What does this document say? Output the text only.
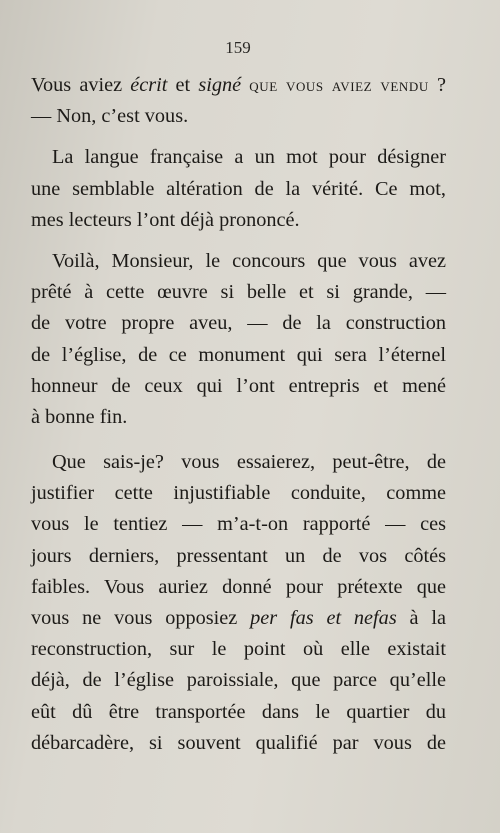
159
Vous aviez écrit et signé que vous aviez vendu ?
— Non, c’est vous.
La langue française a un mot pour désigner
une semblable altération de la vérité. Ce mot,
mes lecteurs l’ont déjà prononcé.
Voilà, Monsieur, le concours que vous avez
prêté à cette œuvre si belle et si grande, —
de votre propre aveu, — de la construction
de l’église, de ce monument qui sera l’éternel
honneur de ceux qui l’ont entrepris et mené
à bonne fin.
Que sais-je? vous essaierez, peut-être, de
justifier cette injustifiable conduite, comme
vous le tentiez — m’a-t-on rapporté — ces
jours derniers, pressentant un de vos côtés
faibles. Vous auriez donné pour prétexte que
vous ne vous opposiez per fas et nefas à la
reconstruction, sur le point où elle existait
déjà, de l’église paroissiale, que parce qu’elle
eût dû être transportée dans le quartier du
débarcadère, si souvent qualifié par vous de
